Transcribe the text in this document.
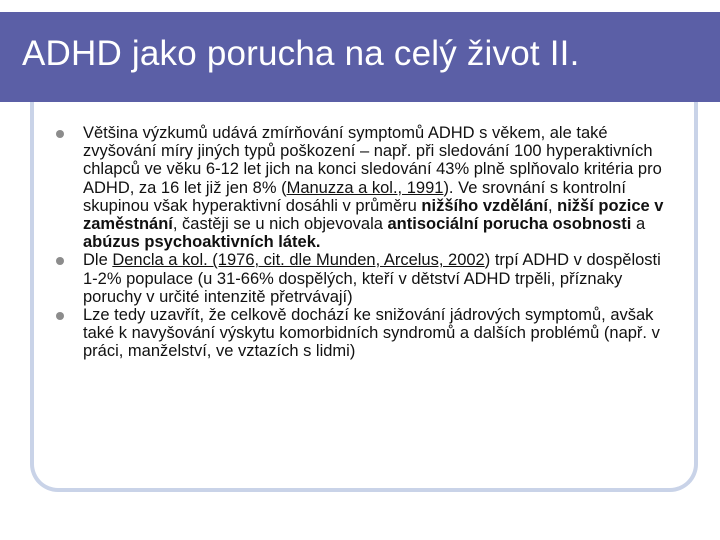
ADHD jako porucha na celý život II.

Většina výzkumů udává zmírňování symptomů ADHD s věkem, ale také zvyšování míry jiných typů poškození – např. při sledování 100 hyperaktivních chlapců ve věku 6-12 let jich na konci sledování 43% plně splňovalo kritéria pro ADHD, za 16 let již jen 8% (Manuzza a kol., 1991). Ve srovnání s kontrolní skupinou však hyperaktivní dosáhli v průměru nižšího vzdělání, nižší pozice v zaměstnání, častěji se u nich objevovala antisociální porucha osobnosti a abúzus psychoaktivních látek.

Dle Dencla a kol. (1976, cit. dle Munden, Arcelus, 2002) trpí ADHD v dospělosti 1-2% populace (u 31-66% dospělých, kteří v dětství ADHD trpěli, příznaky poruchy v určité intenzitě přetrvávají)

Lze tedy uzavřít, že celkově dochází ke snižování jádrových symptomů, avšak také k navyšování výskytu komorbidních syndromů a dalších problémů (např. v práci, manželství, ve vztazích s lidmi)
